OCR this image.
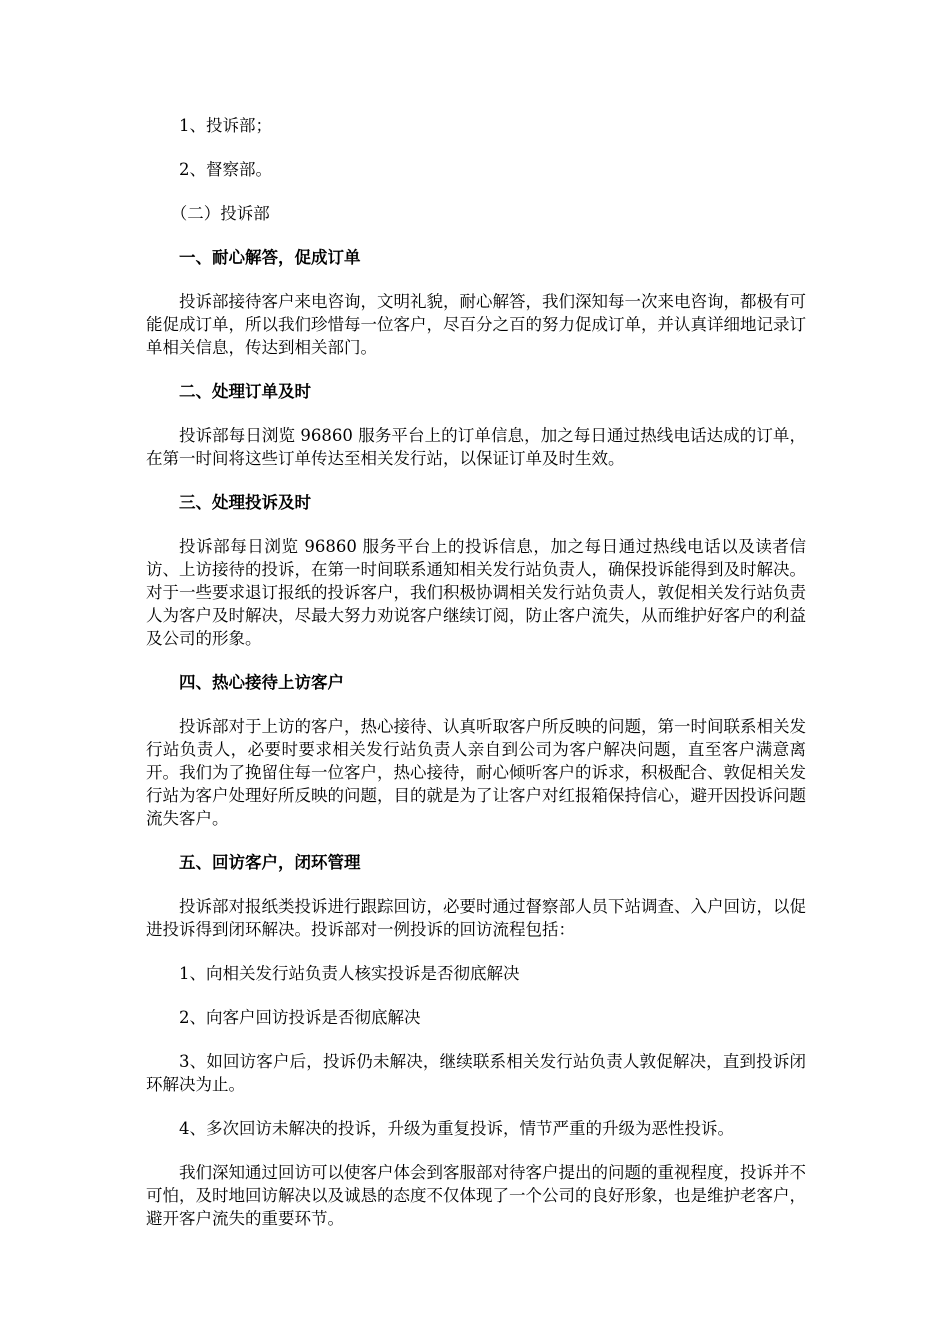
1、投诉部；

2、督察部。

（二）投诉部

一、耐心解答，促成订单

投诉部接待客户来电咨询，文明礼貌，耐心解答，我们深知每一次来电咨询，都极有可能促成订单，所以我们珍惜每一位客户，尽百分之百的努力促成订单，并认真详细地记录订单相关信息，传达到相关部门。

二、处理订单及时

投诉部每日浏览 96860 服务平台上的订单信息，加之每日通过热线电话达成的订单，在第一时间将这些订单传达至相关发行站，以保证订单及时生效。

三、处理投诉及时

投诉部每日浏览 96860 服务平台上的投诉信息，加之每日通过热线电话以及读者信访、上访接待的投诉，在第一时间联系通知相关发行站负责人，确保投诉能得到及时解决。对于一些要求退订报纸的投诉客户，我们积极协调相关发行站负责人，敦促相关发行站负责人为客户及时解决，尽最大努力劝说客户继续订阅，防止客户流失，从而维护好客户的利益及公司的形象。

四、热心接待上访客户

投诉部对于上访的客户，热心接待、认真听取客户所反映的问题，第一时间联系相关发行站负责人，必要时要求相关发行站负责人亲自到公司为客户解决问题，直至客户满意离开。我们为了挽留住每一位客户，热心接待，耐心倾听客户的诉求，积极配合、敦促相关发行站为客户处理好所反映的问题，目的就是为了让客户对红报箱保持信心，避开因投诉问题流失客户。

五、回访客户，闭环管理

投诉部对报纸类投诉进行跟踪回访，必要时通过督察部人员下站调查、入户回访，以促进投诉得到闭环解决。投诉部对一例投诉的回访流程包括：

1、向相关发行站负责人核实投诉是否彻底解决

2、向客户回访投诉是否彻底解决

3、如回访客户后，投诉仍未解决，继续联系相关发行站负责人敦促解决，直到投诉闭环解决为止。

4、多次回访未解决的投诉，升级为重复投诉，情节严重的升级为恶性投诉。

我们深知通过回访可以使客户体会到客服部对待客户提出的问题的重视程度，投诉并不可怕，及时地回访解决以及诚恳的态度不仅体现了一个公司的良好形象，也是维护老客户，避开客户流失的重要环节。
